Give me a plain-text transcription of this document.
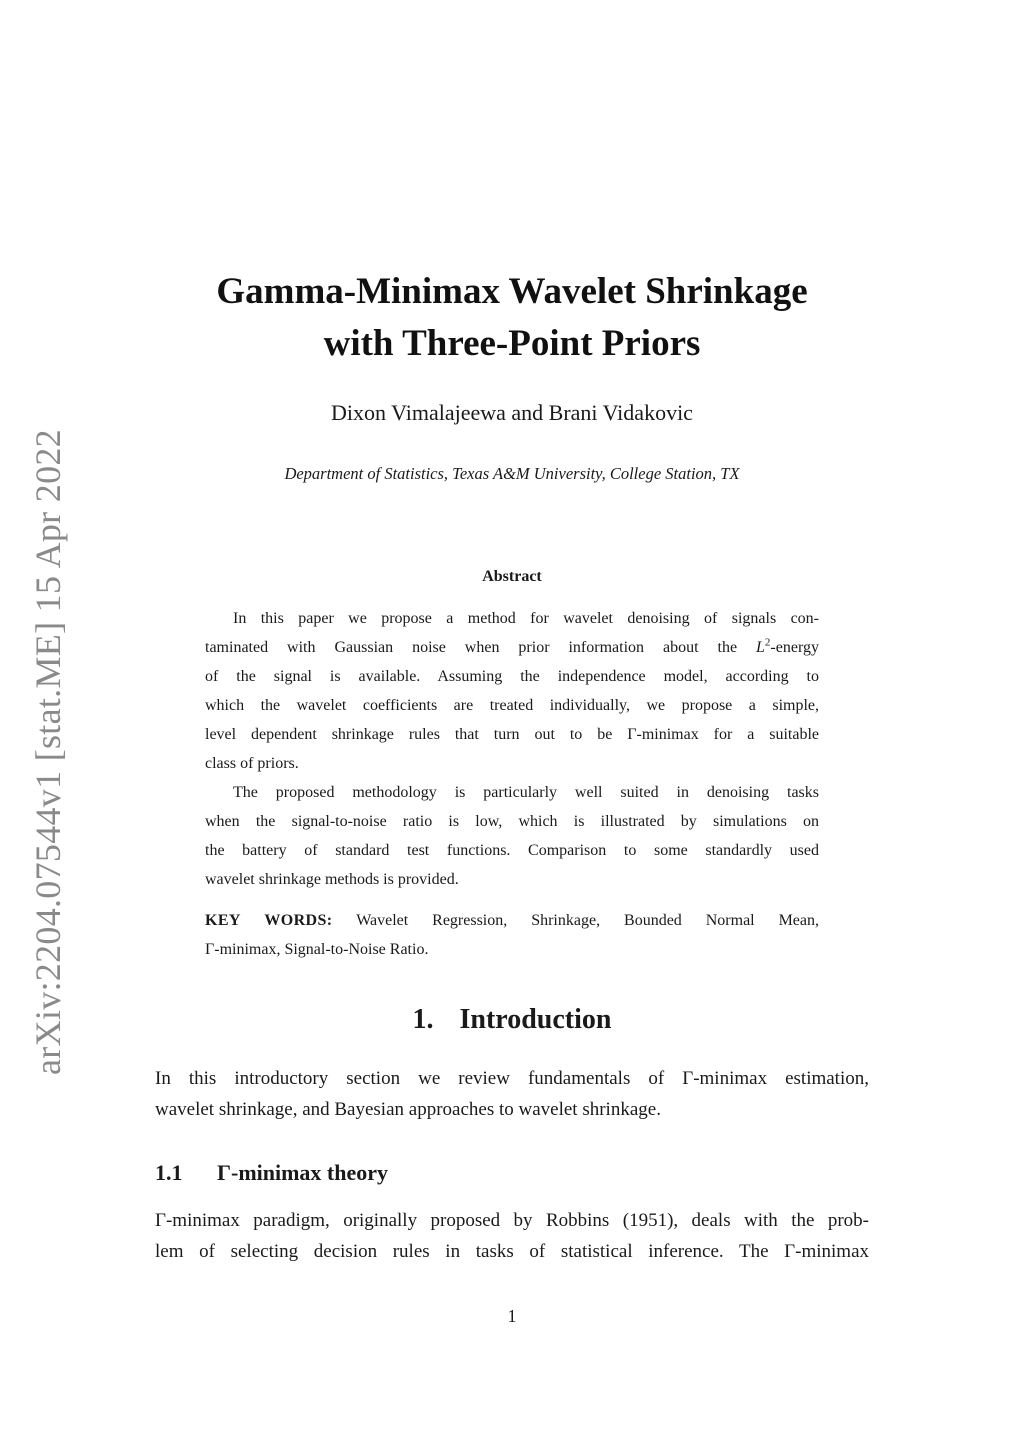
arXiv:2204.07544v1 [stat.ME] 15 Apr 2022
Gamma-Minimax Wavelet Shrinkage
with Three-Point Priors
Dixon Vimalajeewa and Brani Vidakovic
Department of Statistics, Texas A&M University, College Station, TX
Abstract
In this paper we propose a method for wavelet denoising of signals con-
taminated with Gaussian noise when prior information about the $L^2$-energy
of the signal is available. Assuming the independence model, according to
which the wavelet coefficients are treated individually, we propose a simple,
level dependent shrinkage rules that turn out to be Γ-minimax for a suitable
class of priors.
The proposed methodology is particularly well suited in denoising tasks
when the signal-to-noise ratio is low, which is illustrated by simulations on
the battery of standard test functions. Comparison to some standardly used
wavelet shrinkage methods is provided.
KEY WORDS: Wavelet Regression, Shrinkage, Bounded Normal Mean,
Γ-minimax, Signal-to-Noise Ratio.
1. Introduction
In this introductory section we review fundamentals of Γ-minimax estimation,
wavelet shrinkage, and Bayesian approaches to wavelet shrinkage.
1.1 Γ-minimax theory
Γ-minimax paradigm, originally proposed by Robbins (1951), deals with the prob-
lem of selecting decision rules in tasks of statistical inference. The Γ-minimax
1
